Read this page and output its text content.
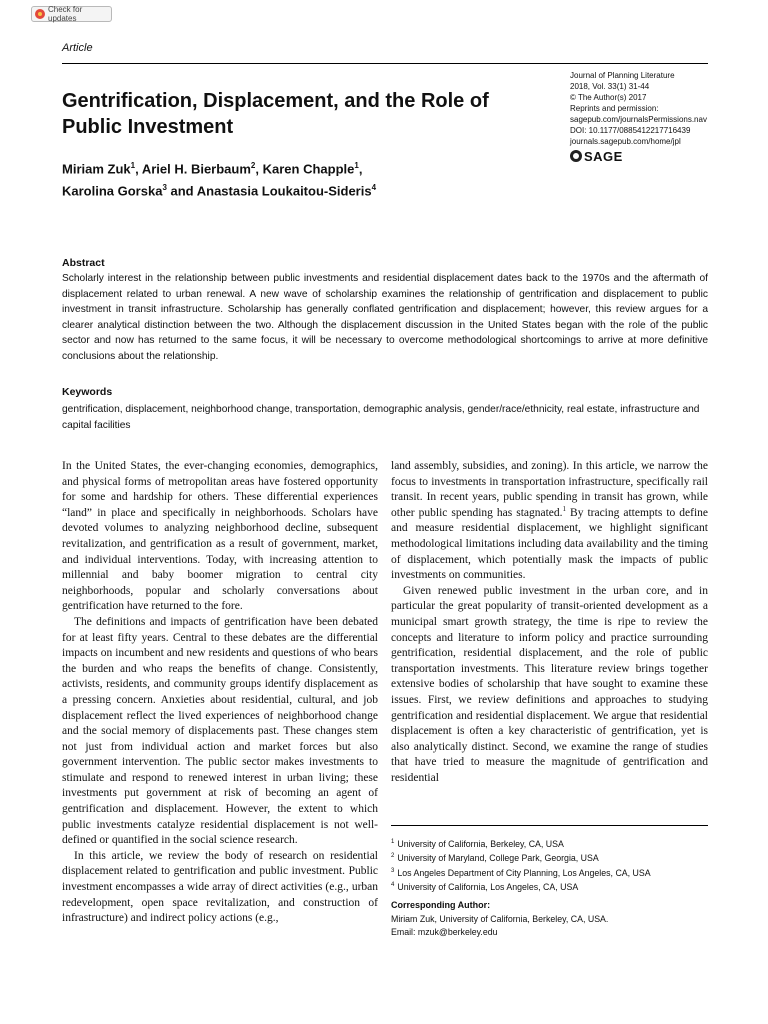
Check for updates
Article
Gentrification, Displacement, and the Role of Public Investment

Miriam Zuk$^1$, Ariel H. Bierbaum$^2$, Karen Chapple$^1$,
Karolina Gorska$^3$ and Anastasia Loukaitou-Sideris$^4$

Journal of Planning Literature
2018, Vol. 33(1) 31-44
© The Author(s) 2017
Reprints and permission:
sagepub.com/journalsPermissions.nav
DOI: 10.1177/0885412217716439
journals.sagepub.com/home/jpl
SAGE
Abstract

Scholarly interest in the relationship between public investments and residential displacement dates back to the 1970s and the aftermath of displacement related to urban renewal. A new wave of scholarship examines the relationship of gentrification and displacement to public investment in transit infrastructure. Scholarship has generally conflated gentrification and displacement; however, this review argues for a clearer analytical distinction between the two. Although the displacement discussion in the United States began with the role of the public sector and now has returned to the same focus, it will be necessary to overcome methodological shortcomings to arrive at more definitive conclusions about the relationship.

Keywords

gentrification, displacement, neighborhood change, transportation, demographic analysis, gender/race/ethnicity, real estate, infrastructure and capital facilities

In the United States, the ever-changing economies, demographics, and physical forms of metropolitan areas have fostered opportunity for some and hardship for others. These differential experiences “land” in place and specifically in neighborhoods. Scholars have devoted volumes to analyzing neighborhood decline, subsequent revitalization, and gentrification as a result of government, market, and individual interventions. Today, with increasing attention to millennial and baby boomer migration to central city neighborhoods, popular and scholarly conversations about gentrification have returned to the fore.

The definitions and impacts of gentrification have been debated for at least fifty years. Central to these debates are the differential impacts on incumbent and new residents and questions of who bears the burden and who reaps the benefits of change. Consistently, activists, residents, and community groups identify displacement as a pressing concern. Anxieties about residential, cultural, and job displacement reflect the lived experiences of neighborhood change and the social memory of displacements past. These changes stem not just from individual action and market forces but also government intervention. The public sector makes investments to stimulate and respond to renewed interest in urban living; these investments put government at risk of becoming an agent of gentrification and displacement. However, the extent to which public investments catalyze residential displacement is not well-defined or quantified in the social science research.

In this article, we review the body of research on residential displacement related to gentrification and public investment. Public investment encompasses a wide array of direct activities (e.g., urban redevelopment, open space revitalization, and construction of infrastructure) and indirect policy actions (e.g.,

land assembly, subsidies, and zoning). In this article, we narrow the focus to investments in transportation infrastructure, specifically rail transit. In recent years, public spending in transit has grown, while other public spending has stagnated.$^1$ By tracing attempts to define and measure residential displacement, we highlight significant methodological limitations including data availability and the timing of displacement, which potentially mask the impacts of public investments on communities.

Given renewed public investment in the urban core, and in particular the great popularity of transit-oriented development as a municipal smart growth strategy, the time is ripe to review the concepts and literature to inform policy and practice surrounding gentrification, residential displacement, and the role of public transportation investments. This literature review brings together extensive bodies of scholarship that have sought to examine these issues. First, we review definitions and approaches to studying gentrification and residential displacement. We argue that residential displacement is often a key characteristic of gentrification, yet is also analytically distinct. Second, we examine the range of studies that have tried to measure the magnitude of gentrification and residential

$^1$ University of California, Berkeley, CA, USA
$^2$ University of Maryland, College Park, Georgia, USA
$^3$ Los Angeles Department of City Planning, Los Angeles, CA, USA
$^4$ University of California, Los Angeles, CA, USA
Corresponding Author:
Miriam Zuk, University of California, Berkeley, CA, USA.
Email: mzuk@berkeley.edu
